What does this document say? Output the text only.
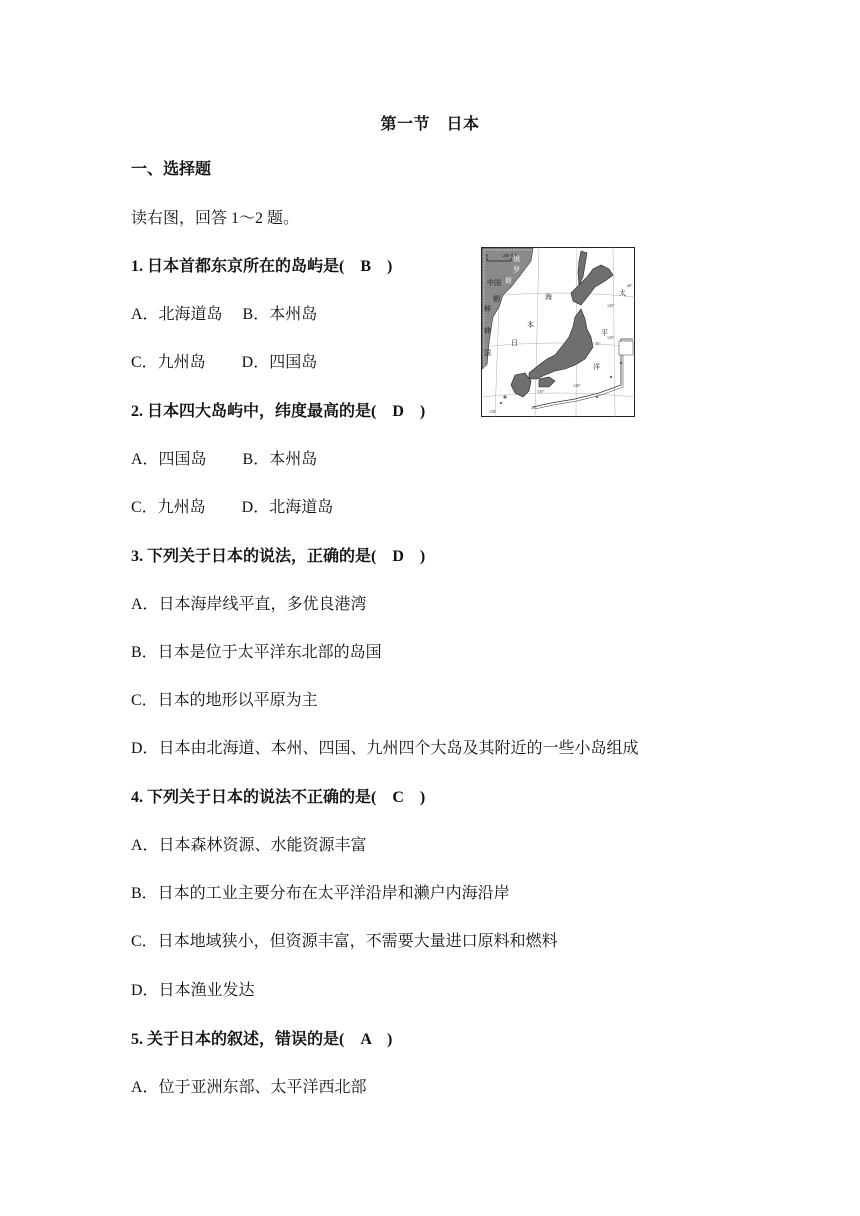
第一节　日本
一、选择题
读右图，回答 1～2 题。
1. 日本首都东京所在的岛屿是(　B　)
A．北海道岛　 B．本州岛
C．九州岛　　 D．四国岛
2. 日本四大岛屿中，纬度最高的是(　D　)
A．四国岛　　 B．本州岛
C．九州岛　　 D．北海道岛
3. 下列关于日本的说法，正确的是(　D　)
A．日本海岸线平直，多优良港湾
B．日本是位于太平洋东北部的岛国
C．日本的地形以平原为主
D．日本由北海道、本州、四国、九州四个大岛及其附近的一些小岛组成
4. 下列关于日本的说法不正确的是(　C　)
A．日本森林资源、水能资源丰富
B．日本的工业主要分布在太平洋沿岸和濑户内海沿岸
C．日本地域狭小，但资源丰富，不需要大量进口原料和燃料
D．日本渔业发达
5. 关于日本的叙述，错误的是(　A　)
A．位于亚洲东部、太平洋西北部
0	250 千米
中国
俄
罗
斯
朝
鲜
韩
国
日
本
海
太
平
洋
145°
40°
145°
35°
140°
135°
30°
130°
